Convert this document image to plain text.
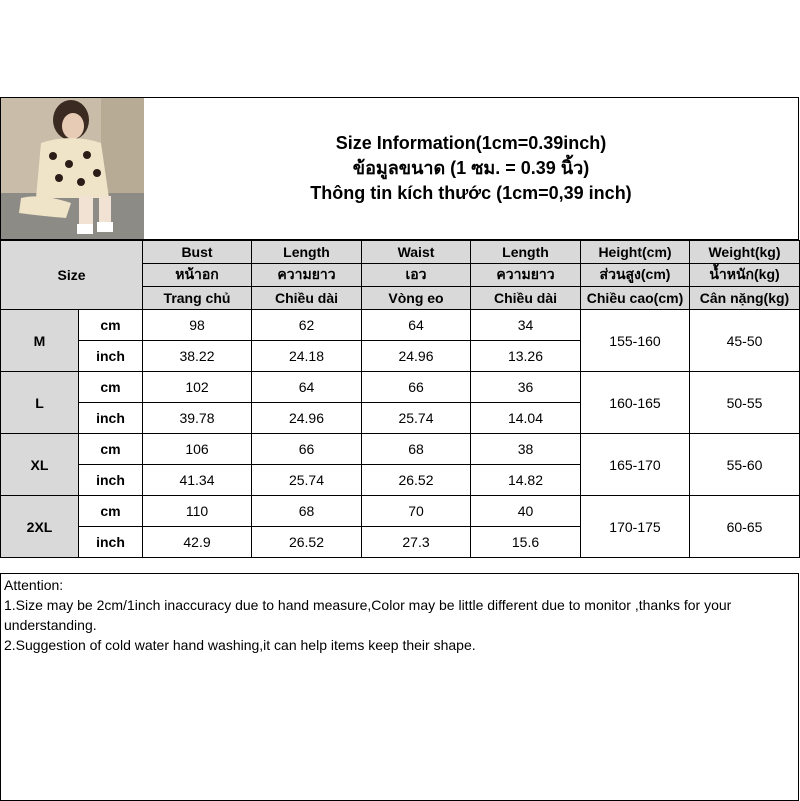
Size Information(1cm=0.39inch)
ข้อมูลขนาด (1 ซม. = 0.39 นิ้ว)
Thông tin kích thước (1cm=0,39 inch)
Size		Bust	Length	Waist	Length	Height(cm)	Weight(kg)
		หน้าอก	ความยาว	เอว	ความยาว	ส่วนสูง(cm)	น้ำหนัก(kg)
		Trang chủ	Chiều dài	Vòng eo	Chiều dài	Chiều cao(cm)	Cân nặng(kg)
M	cm	98	62	64	34	155-160	45-50
	inch	38.22	24.18	24.96	13.26		
L	cm	102	64	66	36	160-165	50-55
	inch	39.78	24.96	25.74	14.04		
XL	cm	106	66	68	38	165-170	55-60
	inch	41.34	25.74	26.52	14.82		
2XL	cm	110	68	70	40	170-175	60-65
	inch	42.9	26.52	27.3	15.6		
Attention:
1.Size may be 2cm/1inch inaccuracy due to hand measure,Color may be little different due to monitor ,thanks for your understanding.
2.Suggestion of cold water hand washing,it can help items keep their shape.
